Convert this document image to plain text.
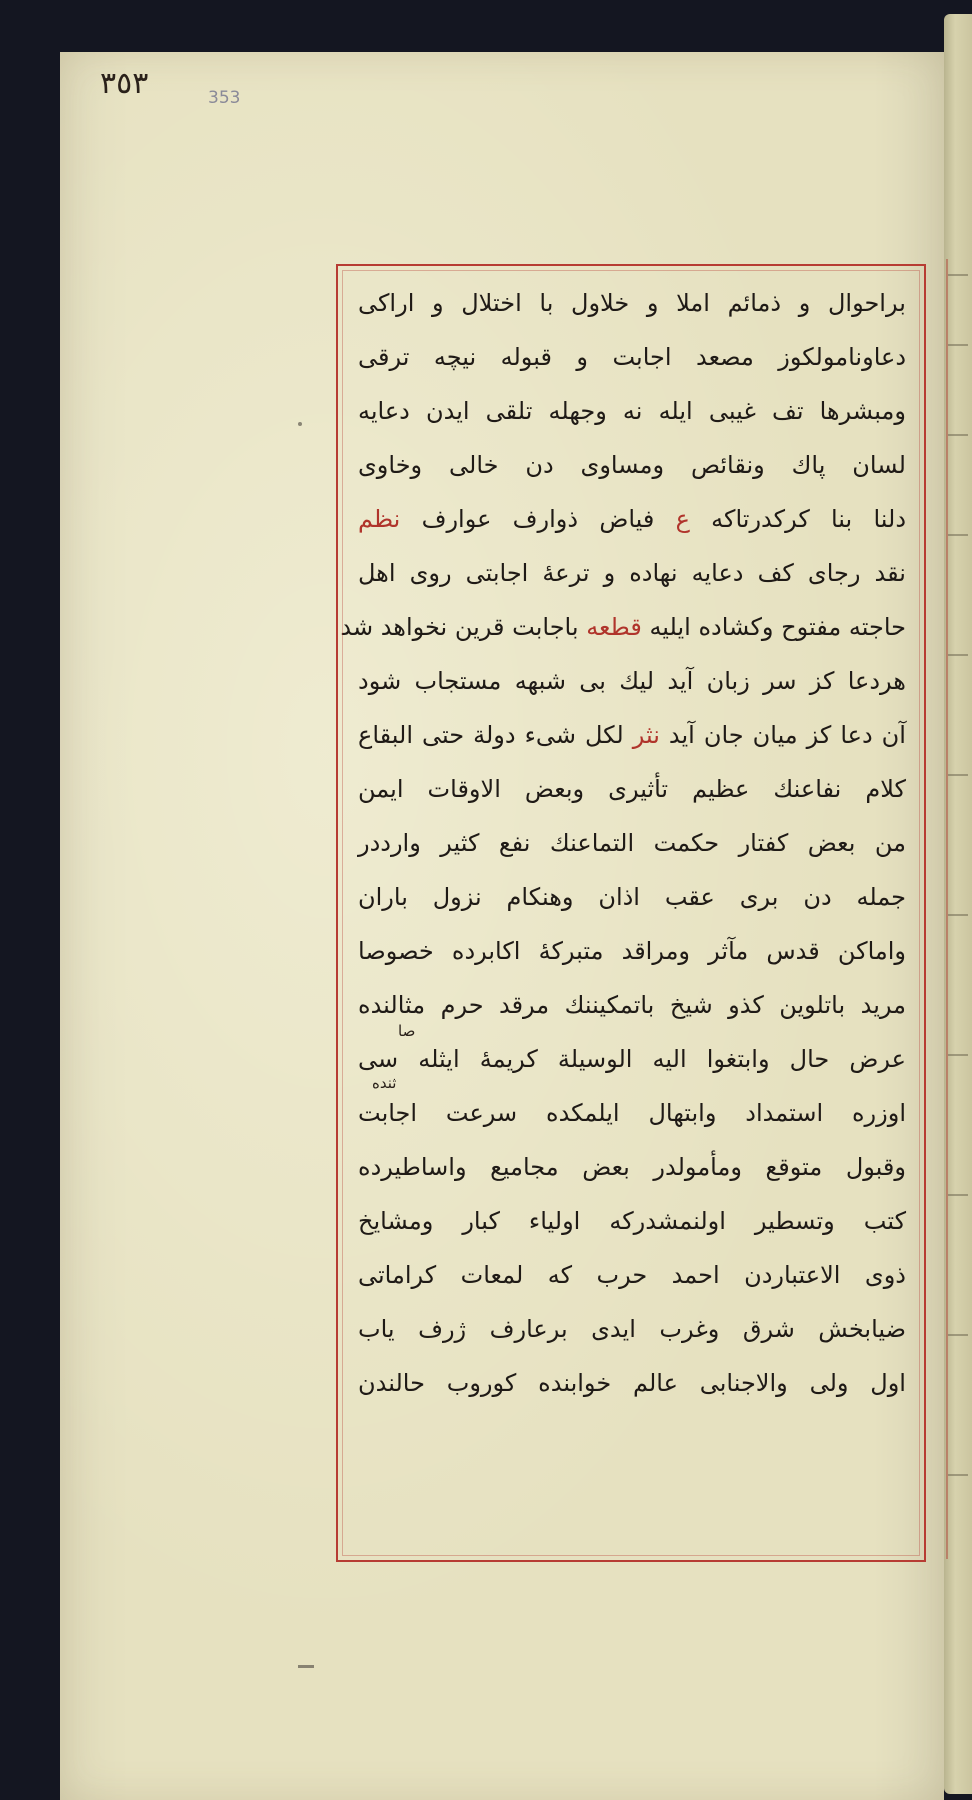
٣٥٣	353
صا
ثنده
براحوال و ذمائم املا و خلاول با اختلال و اراکی
دعاونامولکوز مصعد اجابت و قبوله نیچه ترقی
ومبشرها تف غیبی ایله نه وجهله تلقی ایدن دعایه
لسان پاك ونقائص ومساوی دن خالی وخاوی
دلنا بنا کرکدرتاکه ع فیاض ذوارف عوارف نظم
نقد رجای کف دعایه نهاده و ترعهٔ اجابتی روی اهل
حاجته مفتوح وکشاده ایلیه قطعه باجابت قرین نخواهد شد
هردعا کز سر زبان آید لیك بی شبهه مستجاب شود
آن دعا کز میان جان آید نثر لکل شیء دولة حتی البقاع
کلام نفاعنك عظیم تأثیری وبعض الاوقات ایمن
من بعض کفتار حکمت التماعنك نفع کثیر وارددر
جمله دن بری عقب اذان وهنکام نزول باران
واماکن قدس مآثر ومراقد متبرکهٔ اکابرده خصوصا
مرید باتلوین کذو شیخ باتمکیننك مرقد حرم مثالنده
عرض حال وابتغوا الیه الوسیلة کریمهٔ ایثله سی
اوزره استمداد وابتهال ایلمکده سرعت اجابت
وقبول متوقع ومأمولدر بعض مجامیع واساطیرده
کتب وتسطیر اولنمشدرکه اولیاء کبار ومشایخ
ذوی الاعتباردن احمد حرب که لمعات کراماتی
ضیابخش شرق وغرب ایدی برعارف ژرف یاب
اول ولی والاجنابی عالم خوابنده کوروب حالندن
